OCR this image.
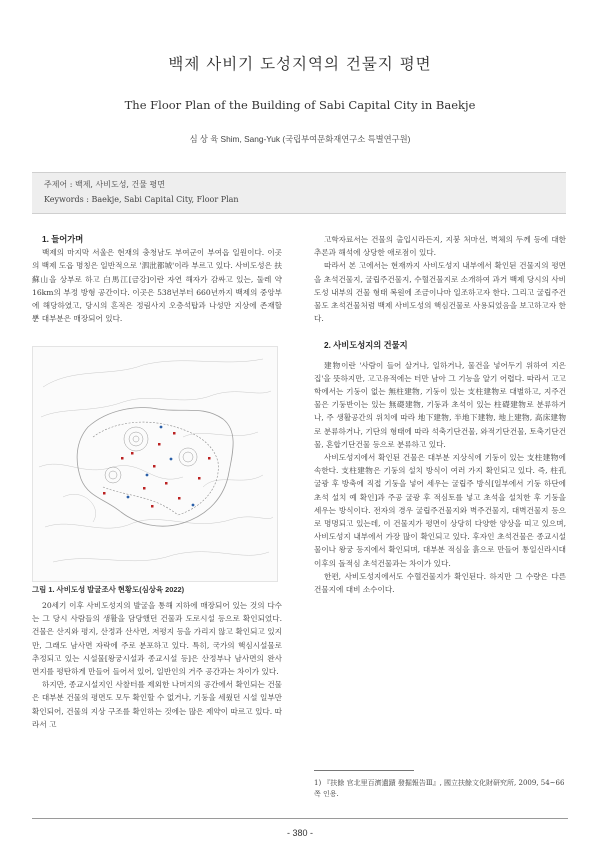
백제 사비기 도성지역의 건물지 평면
The Floor Plan of the Building of Sabi Capital City in Baekje
심 상 육 Shim, Sang-Yuk (국립부여문화재연구소 특별연구원)
주제어 : 백제, 사비도성, 건물 평면
Keywords : Baekje, Sabi Capital City, Floor Plan

1. 들어가며

백제의 마지막 서울은 현재의 충청남도 부여군이 부여읍 일원이다. 이곳의 백제 도읍 명칭은 일반적으로 '泗沘都城'이라 부르고 있다. 사비도성은 扶蘇山을 상부로 하고 白馬江[금강]이란 자연 해자가 감싸고 있는, 둘레 약 16km의 부정 방형 공간이다. 이곳은 538년부터 660년까지 백제의 중앙부에 해당하였고, 당시의 흔적은 정림사지 오층석탑과 나성만 지상에 존재할 뿐 대부분은 매장되어 있다.

그림 1. 사비도성 발굴조사 현황도(심상육 2022)

20세기 이후 사비도성지의 발굴을 통해 지하에 매장되어 있는 것의 다수는 그 당시 사람들의 생활을 담당했던 건물과 도로시설 등으로 확인되었다. 건물은 산지와 평지, 산정과 산사면, 저평지 등을 가리지 않고 확인되고 있지만, 그래도 남사면 자락에 주로 분포하고 있다. 특히, 국가의 핵심시설물로 추정되고 있는 시설물[왕궁시설과 종교시설 등]은 산정부나 남사면의 완사면지를 평탄하게 만들어 들어서 있어, 일반인의 거주 공간과는 차이가 있다.

하지만, 종교시설지인 사찰터를 제외한 나머지의 공간에서 확인되는 건물은 대부분 건물의 평면도 모두 확인할 수 없거나, 기둥을 세웠던 시설 일부만 확인되어, 건물의 지상 구조를 확인하는 것에는 많은 제약이 따르고 있다. 따라서 고

고학자료서는 건물의 출입시라든지, 지붕 처마선, 벽체의 두께 등에 대한 추론과 해석에 상당한 애로점이 있다.

따라서 본 고에서는 현재까지 사비도성지 내부에서 확인된 건물지의 평면을 초석건물지, 굴립주건물지, 수혈건물지로 소개하여 과거 백제 당시의 사비도성 내부의 건물 형태 복원에 조금이나마 일조하고자 한다. 그리고 굴립주건물도 초석건물처럼 백제 사비도성의 핵심건물로 사용되었음을 보고하고자 한다.

2. 사비도성지의 건물지

建物이란 '사람이 들어 살거나, 일하거나, 물건을 넣어두기 위하여 지은 집'을 뜻하지만, 고고유적에는 터만 남아 그 기능을 알기 어렵다. 따라서 고고학에서는 기둥이 없는 無柱建物, 기둥이 있는 支柱建物로 대별하고, 지주건물은 기둥반이는 있는 無礎建物, 기둥과 초석이 있는 柱礎建物로 분류하거나, 주 생활공간의 위치에 따라 地下建物, 半地下建物, 地上建物, 高床建物로 분류하거나, 기단의 형태에 따라 석축기단건물, 와적기단건물, 토축기단건물, 혼합기단건물 등으로 분류하고 있다.

사비도성지에서 확인된 건물은 대부분 지상식에 기둥이 있는 支柱建物에 속한다. 支柱建物은 기둥의 설치 방식이 여러 가지 확인되고 있다. 즉, 柱孔 굴광 후 방축에 직접 기둥을 넣어 세우는 굴립주 방식[일부에서 기둥 하단에 초석 설치 예 확인]과 주공 굴광 후 적심토를 넣고 초석을 설치한 후 기둥을 세우는 방식이다. 전자의 경우 굴립주건물지와 벽주건물지, 대벽건물지 등으로 명명되고 있는데, 이 건물지가 평면이 상당히 다양한 양상을 띠고 있으며, 사비도성지 내부에서 가장 많이 확인되고 있다. 후자인 초석건물은 종교시설물이나 왕궁 등지에서 확인되며, 대부분 적심을 흙으로 만들어 통일신라시대 이후의 돌적심 초석건물과는 차이가 있다.

한편, 사비도성지에서도 수혈건물지가 확인된다. 하지만 그 수량은 다른 건물지에 대비 소수이다.

1) 『扶餘 官北里百濟遺蹟 發掘報告Ⅲ』, 國立扶餘文化財研究所, 2009, 54~66쪽 인용.
- 380 -
